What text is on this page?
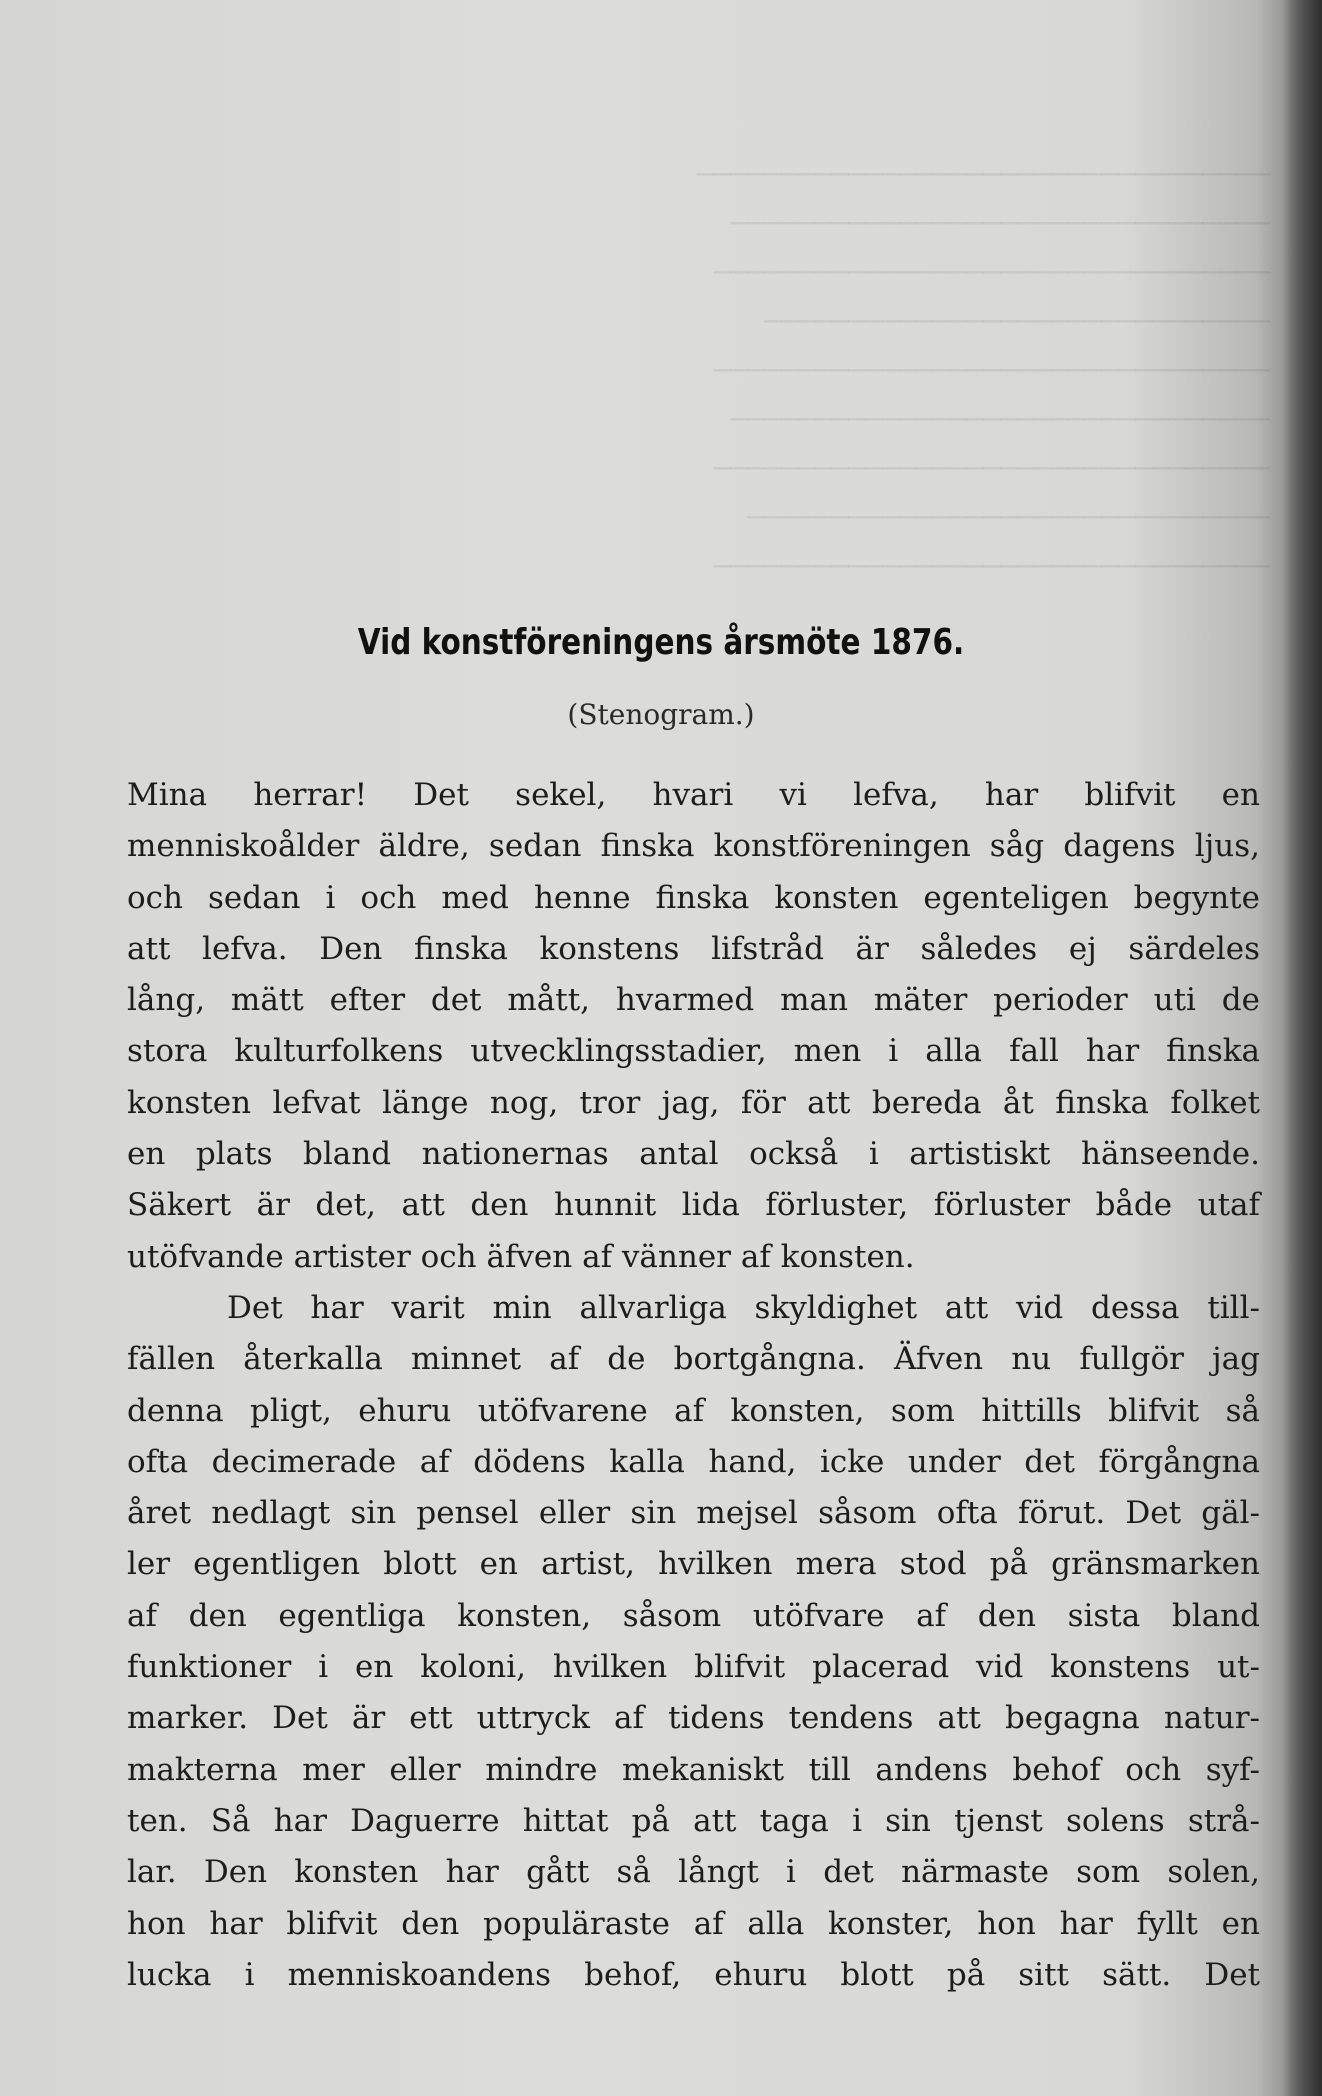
──────────────────────────────────
────────────────────────────────
─────────────────────────────────
──────────────────────────────
─────────────────────────────────
────────────────────────────────
─────────────────────────────────
───────────────────────────────
─────────────────────────────────
Vid konstföreningens årsmöte 1876.
(Stenogram.)
Mina herrar! Det sekel, hvari vi lefva, har blifvit en
menniskoålder äldre, sedan finska konstföreningen såg dagens ljus,
och sedan i och med henne finska konsten egenteligen begynte
att lefva. Den finska konstens lifstråd är således ej särdeles
lång, mätt efter det mått, hvarmed man mäter perioder uti de
stora kulturfolkens utvecklingsstadier, men i alla fall har finska
konsten lefvat länge nog, tror jag, för att bereda åt finska folket
en plats bland nationernas antal också i artistiskt hänseende.
Säkert är det, att den hunnit lida förluster, förluster både utaf
utöfvande artister och äfven af vänner af konsten.
Det har varit min allvarliga skyldighet att vid dessa till-
fällen återkalla minnet af de bortgångna. Äfven nu fullgör jag
denna pligt, ehuru utöfvarene af konsten, som hittills blifvit så
ofta decimerade af dödens kalla hand, icke under det förgångna
året nedlagt sin pensel eller sin mejsel såsom ofta förut. Det gäl-
ler egentligen blott en artist, hvilken mera stod på gränsmarken
af den egentliga konsten, såsom utöfvare af den sista bland
funktioner i en koloni, hvilken blifvit placerad vid konstens ut-
marker. Det är ett uttryck af tidens tendens att begagna natur-
makterna mer eller mindre mekaniskt till andens behof och syf-
ten. Så har Daguerre hittat på att taga i sin tjenst solens strå-
lar. Den konsten har gått så långt i det närmaste som solen,
hon har blifvit den populäraste af alla konster, hon har fyllt en
lucka i menniskoandens behof, ehuru blott på sitt sätt. Det
